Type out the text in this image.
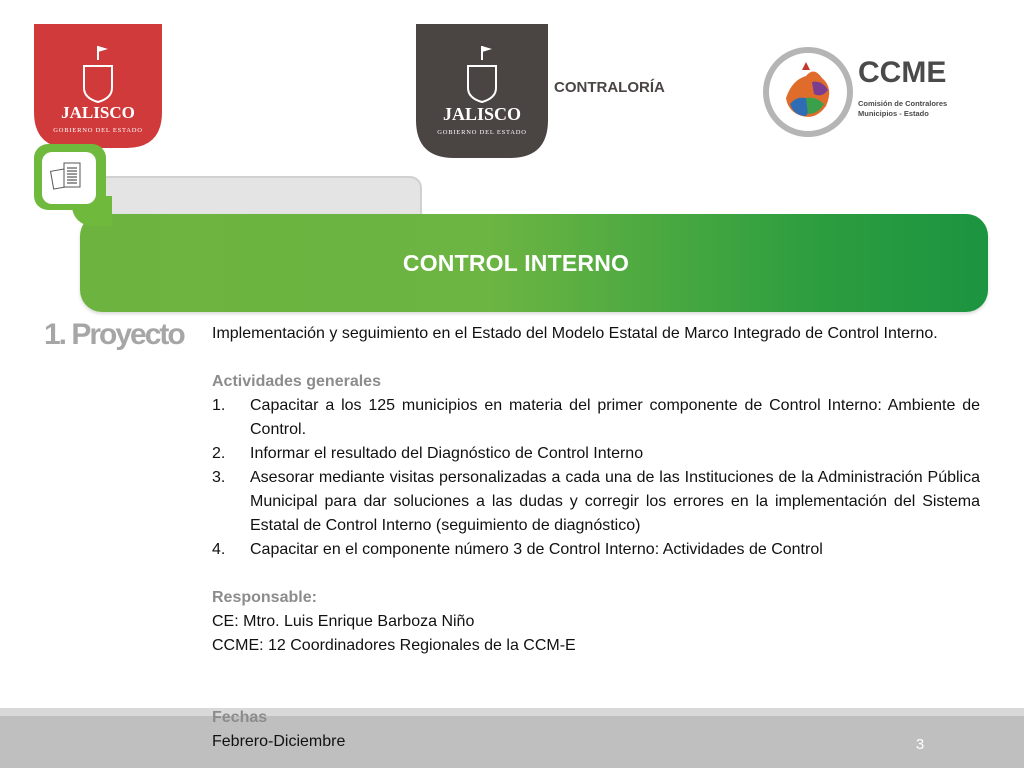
JALISCO
GOBIERNO DEL ESTADO
JALISCO
GOBIERNO DEL ESTADO
CONTRALORÍA	CCME
Comisión de Contralores
Municipios - Estado
CONTROL INTERNO
1. Proyecto	Implementación y seguimiento en el Estado del Modelo Estatal de Marco Integrado de Control Interno.

Actividades generales

1. Capacitar a los 125 municipios en materia del primer componente de Control Interno: Ambiente de Control.
2. Informar el resultado del Diagnóstico de Control Interno
3. Asesorar mediante visitas personalizadas a cada una de las Instituciones de la Administración Pública Municipal para dar soluciones a las dudas y corregir los errores en la implementación del Sistema Estatal de Control Interno (seguimiento de diagnóstico)
4. Capacitar en el componente número 3 de Control Interno: Actividades de Control

Responsable:

CE: Mtro. Luis Enrique Barboza Niño

CCME: 12 Coordinadores Regionales de la CCM-E

Fechas

Febrero-Diciembre	3
